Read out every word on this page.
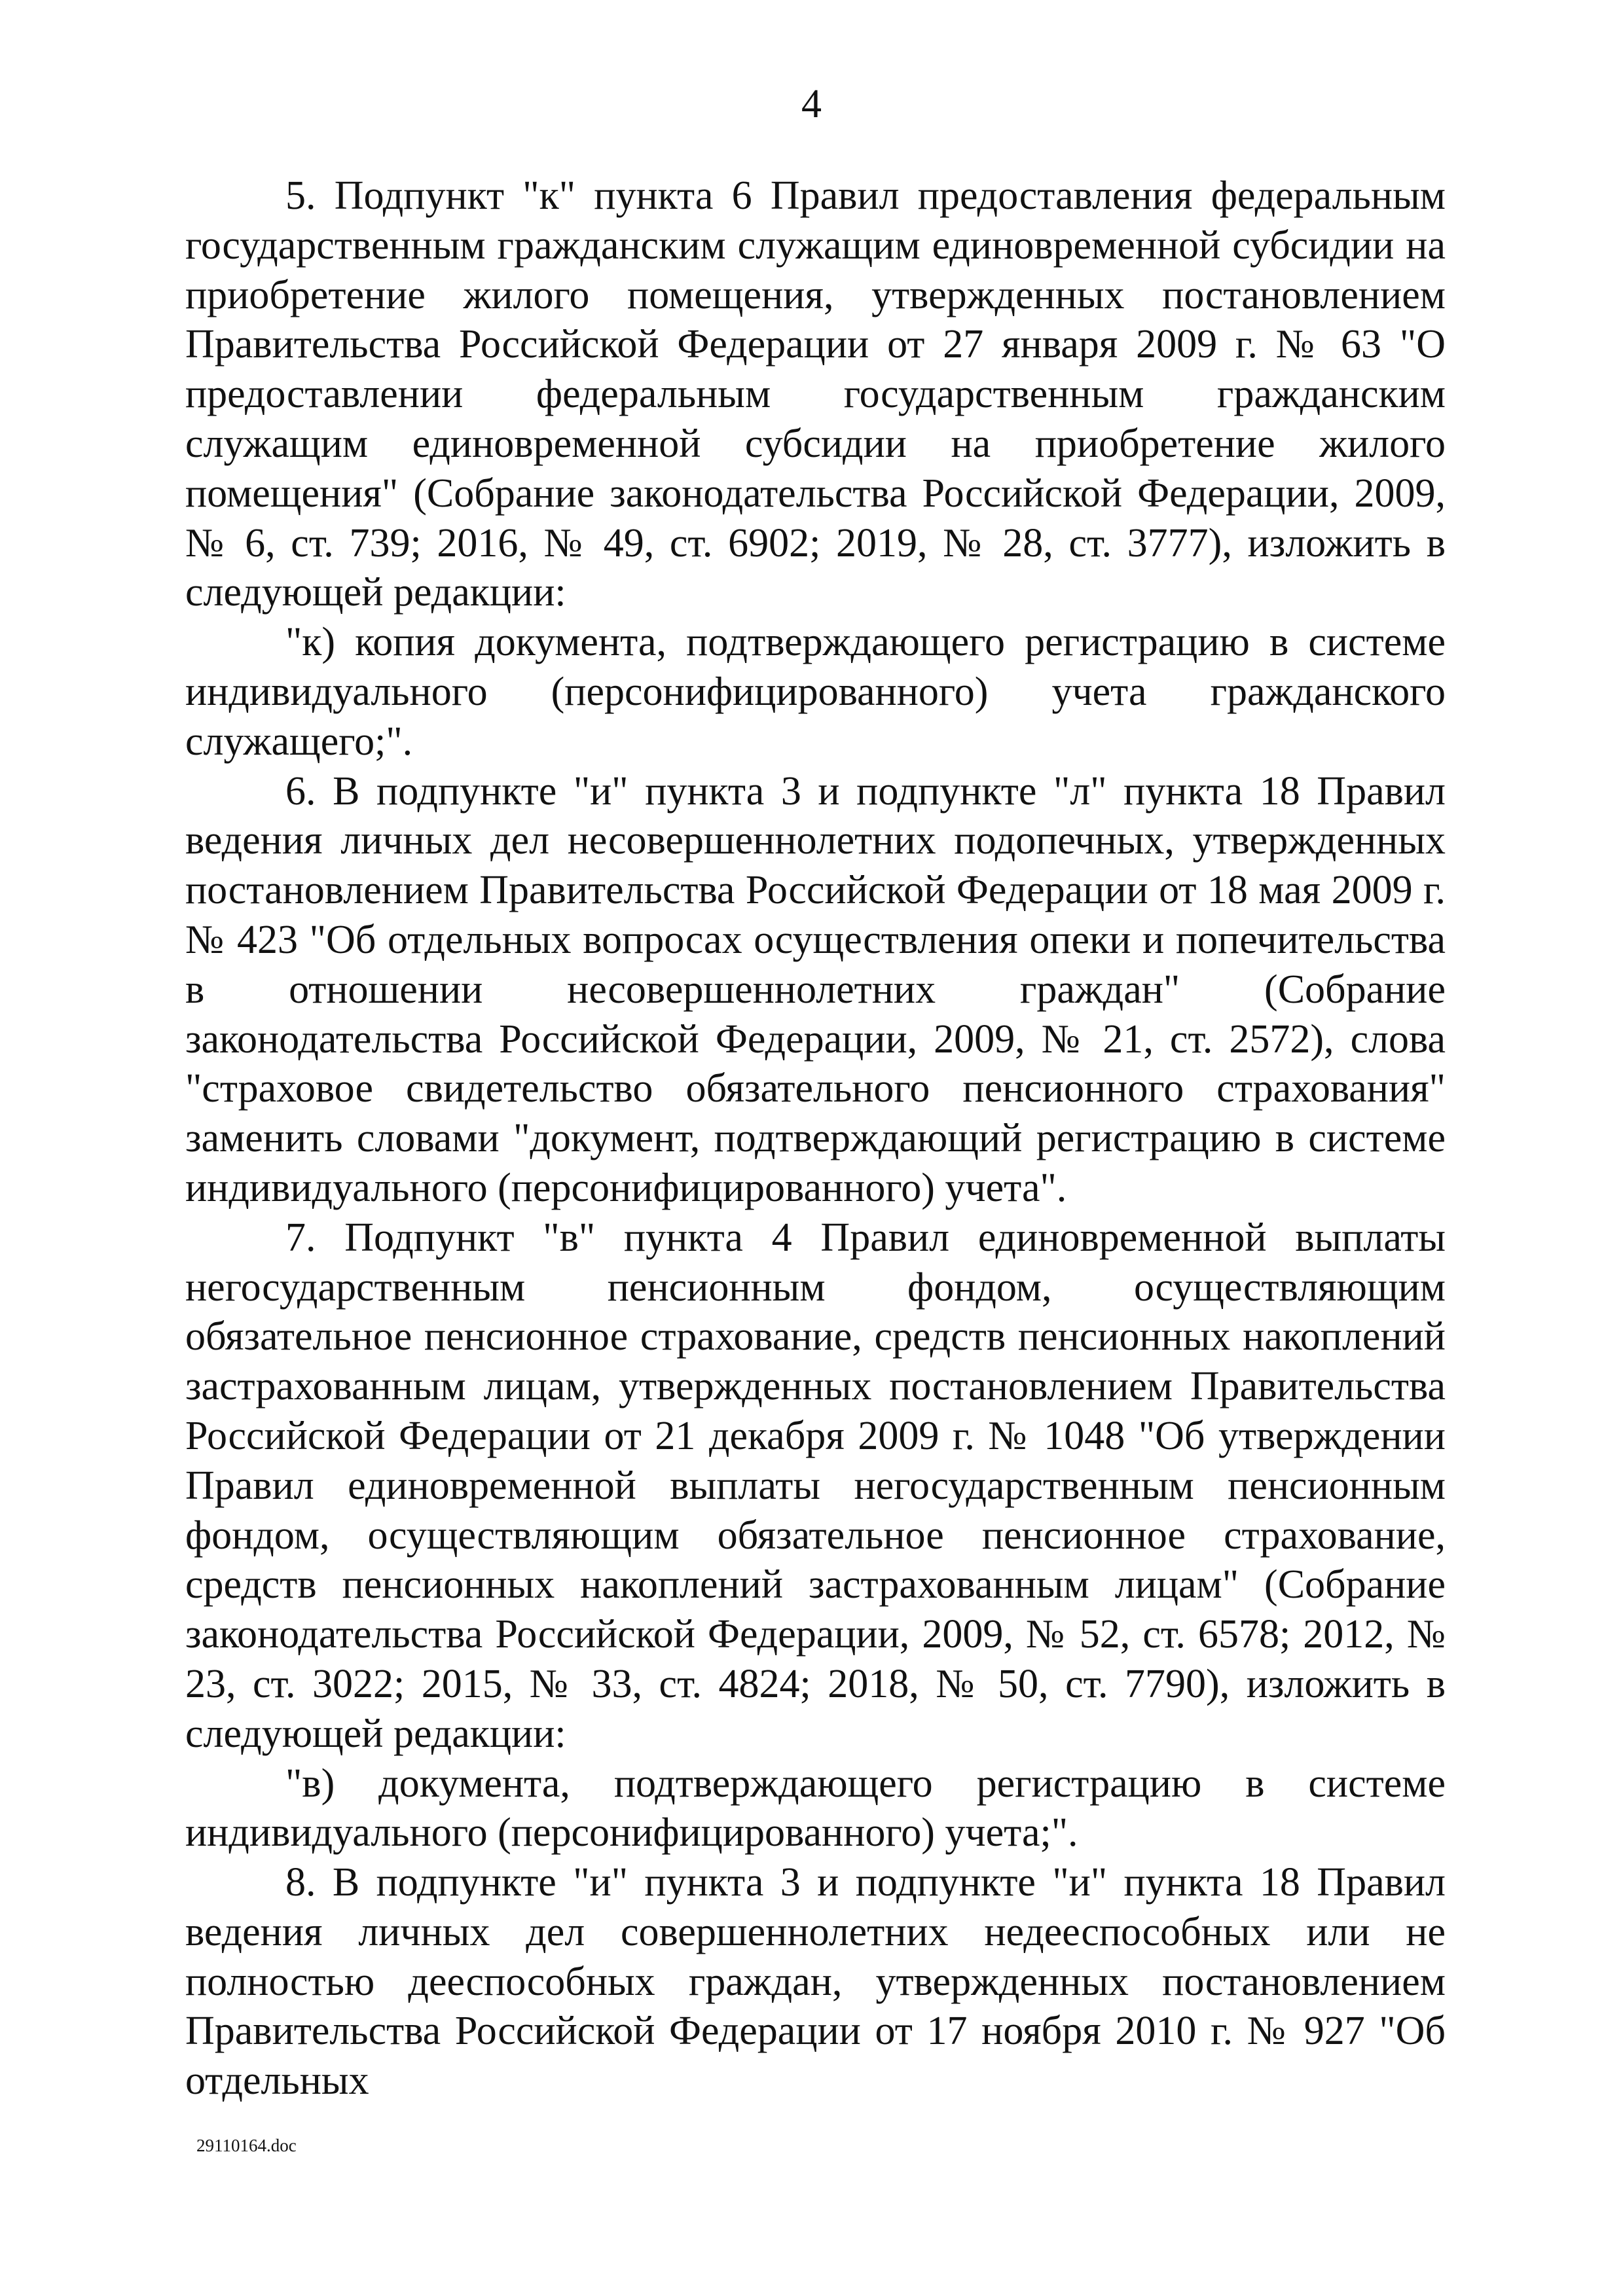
4

5. Подпункт "к" пункта 6 Правил предоставления федеральным государственным гражданским служащим единовременной субсидии на приобретение жилого помещения, утвержденных постановлением Правительства Российской Федерации от 27 января 2009 г. № 63 "О предоставлении федеральным государственным гражданским служащим единовременной субсидии на приобретение жилого помещения" (Собрание законодательства Российской Федерации, 2009, № 6, ст. 739; 2016, № 49, ст. 6902; 2019, № 28, ст. 3777), изложить в следующей редакции:

"к) копия документа, подтверждающего регистрацию в системе индивидуального (персонифицированного) учета гражданского служащего;".

6. В подпункте "и" пункта 3 и подпункте "л" пункта 18 Правил ведения личных дел несовершеннолетних подопечных, утвержденных постановлением Правительства Российской Федерации от 18 мая 2009 г. № 423 "Об отдельных вопросах осуществления опеки и попечительства в отношении несовершеннолетних граждан" (Собрание законодательства Российской Федерации, 2009, № 21, ст. 2572), слова "страховое свидетельство обязательного пенсионного страхования" заменить словами "документ, подтверждающий регистрацию в системе индивидуального (персонифицированного) учета".

7. Подпункт "в" пункта 4 Правил единовременной выплаты негосударственным пенсионным фондом, осуществляющим обязательное пенсионное страхование, средств пенсионных накоплений застрахованным лицам, утвержденных постановлением Правительства Российской Федерации от 21 декабря 2009 г. № 1048 "Об утверждении Правил единовременной выплаты негосударственным пенсионным фондом, осуществляющим обязательное пенсионное страхование, средств пенсионных накоплений застрахованным лицам" (Собрание законодательства Российской Федерации, 2009, № 52, ст. 6578; 2012, № 23, ст. 3022; 2015, № 33, ст. 4824; 2018, № 50, ст. 7790), изложить в следующей редакции:

"в) документа, подтверждающего регистрацию в системе индивидуального (персонифицированного) учета;".

8. В подпункте "и" пункта 3 и подпункте "и" пункта 18 Правил ведения личных дел совершеннолетних недееспособных или не полностью дееспособных граждан, утвержденных постановлением Правительства Российской Федерации от 17 ноября 2010 г. № 927 "Об отдельных

29110164.doc
